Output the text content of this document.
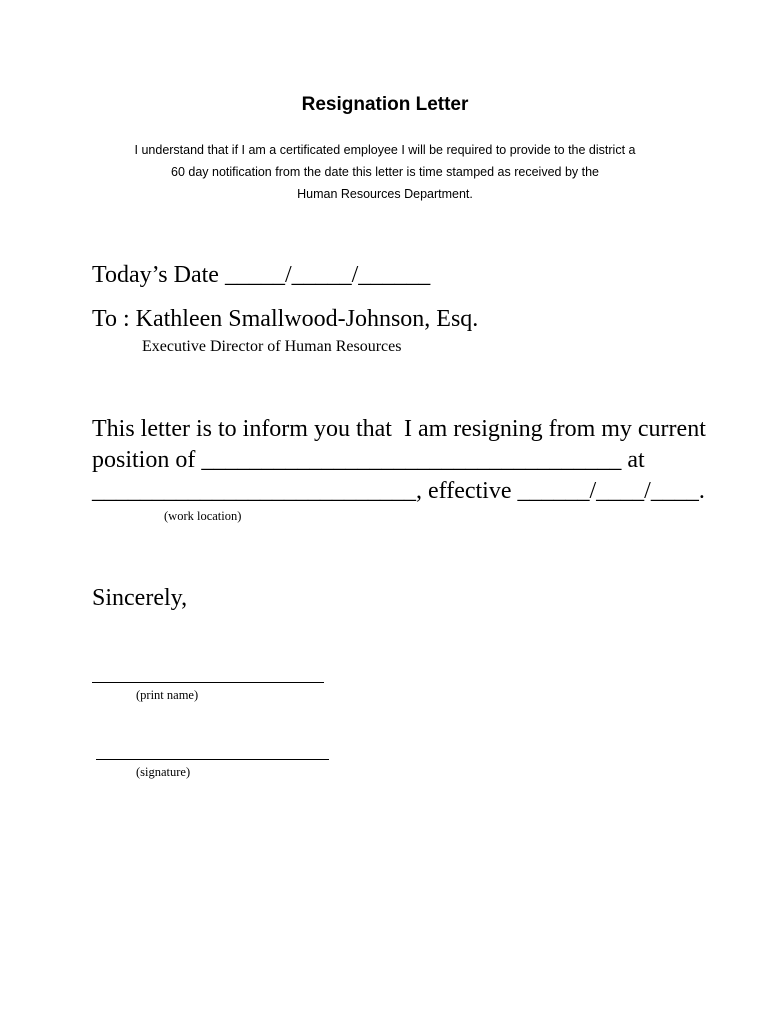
Resignation Letter
I understand that if I am a certificated employee I will be required to provide to the district a
60 day notification from the date this letter is time stamped as received by the
Human Resources Department.
Today’s Date _____/_____/______
To : Kathleen Smallwood-Johnson, Esq.
Executive Director of Human Resources
This letter is to inform you that  I am resigning from my current
position of ___________________________________ at
___________________________, effective ______/____/____.
(work location)
Sincerely,
(print name)
(signature)
